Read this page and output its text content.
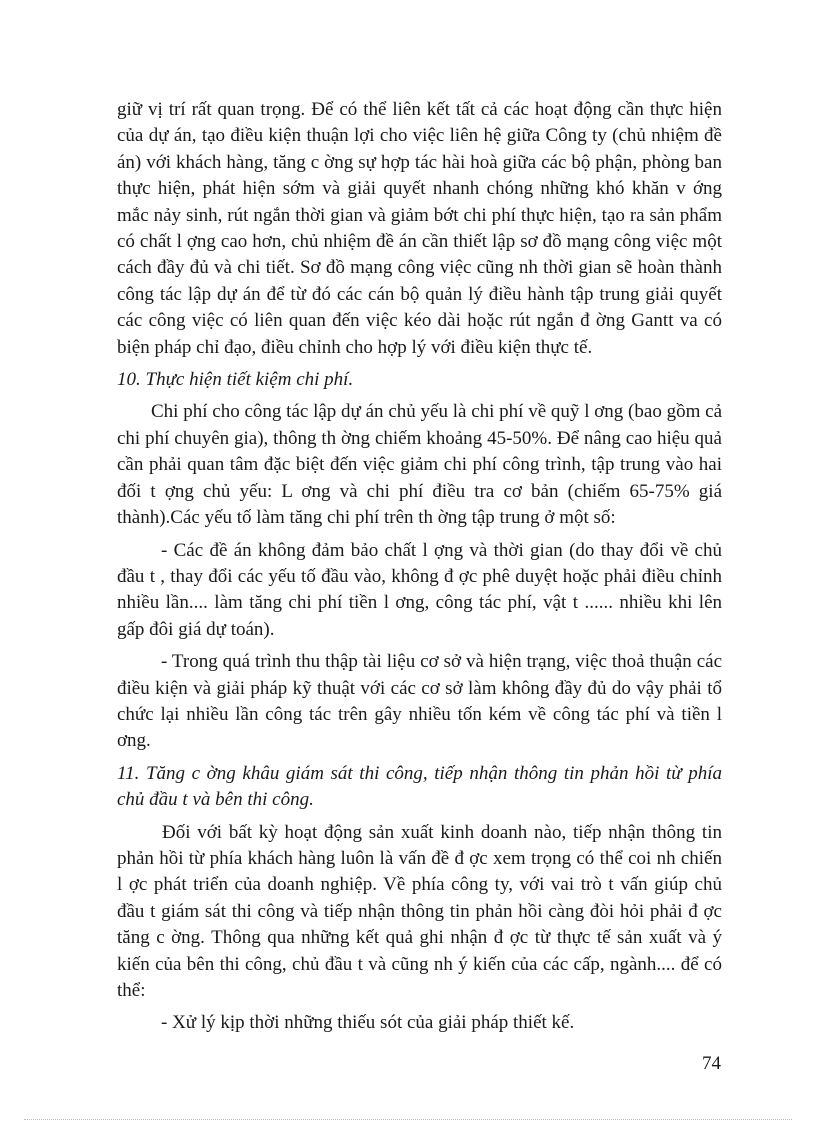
giữ vị trí rất quan trọng. Để có thể liên kết tất cả các hoạt động cần thực hiện của dự án, tạo điều kiện thuận lợi cho việc liên hệ giữa Công ty (chủ nhiệm đề án) với khách hàng, tăng c ờng sự hợp tác hài hoà giữa các bộ phận, phòng ban thực hiện, phát hiện sớm và giải quyết nhanh chóng những khó khăn v ớng mắc nảy sinh, rút ngắn thời gian và giảm bớt chi phí thực hiện, tạo ra sản phẩm có chất l ợng cao hơn, chủ nhiệm đề án cần thiết lập sơ đồ mạng công việc một cách đầy đủ và chi tiết. Sơ đồ mạng công việc cũng nh thời gian sẽ hoàn thành công tác lập dự án để từ đó các cán bộ quản lý điều hành tập trung giải quyết các công việc có liên quan đến việc kéo dài hoặc rút ngắn đ ờng Gantt va có biện pháp chỉ đạo, điều chỉnh cho hợp lý với điều kiện thực tế.

10. Thực hiện tiết kiệm chi phí.

Chi phí cho công tác lập dự án chủ yếu là chi phí về quỹ l ơng (bao gồm cả chi phí chuyên gia), thông th ờng chiếm khoảng 45-50%. Để nâng cao hiệu quả cần phải quan tâm đặc biệt đến việc giảm chi phí công trình, tập trung vào hai đối t ợng chủ yếu: L ơng và chi phí điều tra cơ bản (chiếm 65-75% giá thành).Các yếu tố làm tăng chi phí trên th ờng tập trung ở một số:

- Các đề án không đảm bảo chất l ợng và thời gian (do thay đổi về chủ đầu t , thay đổi các yếu tố đầu vào, không đ ợc phê duyệt hoặc phải điều chỉnh nhiều lần.... làm tăng chi phí tiền l ơng, công tác phí, vật t ...... nhiều khi lên gấp đôi giá dự toán).

- Trong quá trình thu thập tài liệu cơ sở và hiện trạng, việc thoả thuận các điều kiện và giải pháp kỹ thuật với các cơ sở làm không đầy đủ do vậy phải tổ chức lại nhiều lần công tác trên gây nhiều tốn kém về công tác phí và tiền l ơng.

11. Tăng c ờng khâu giám sát thi công, tiếp nhận thông tin phản hồi từ phía chủ đầu t và bên thi công.

Đối với bất kỳ hoạt động sản xuất kinh doanh nào, tiếp nhận thông tin phản hồi từ phía khách hàng luôn là vấn đề đ ợc xem trọng có thể coi nh chiến l ợc phát triển của doanh nghiệp. Về phía công ty, với vai trò t vấn giúp chủ đầu t giám sát thi công và tiếp nhận thông tin phản hồi càng đòi hỏi phải đ ợc tăng c ờng. Thông qua những kết quả ghi nhận đ ợc từ thực tế sản xuất và ý kiến của bên thi công, chủ đầu t và cũng nh ý kiến của các cấp, ngành.... để có thể:

- Xử lý kịp thời những thiếu sót của giải pháp thiết kế.

74
